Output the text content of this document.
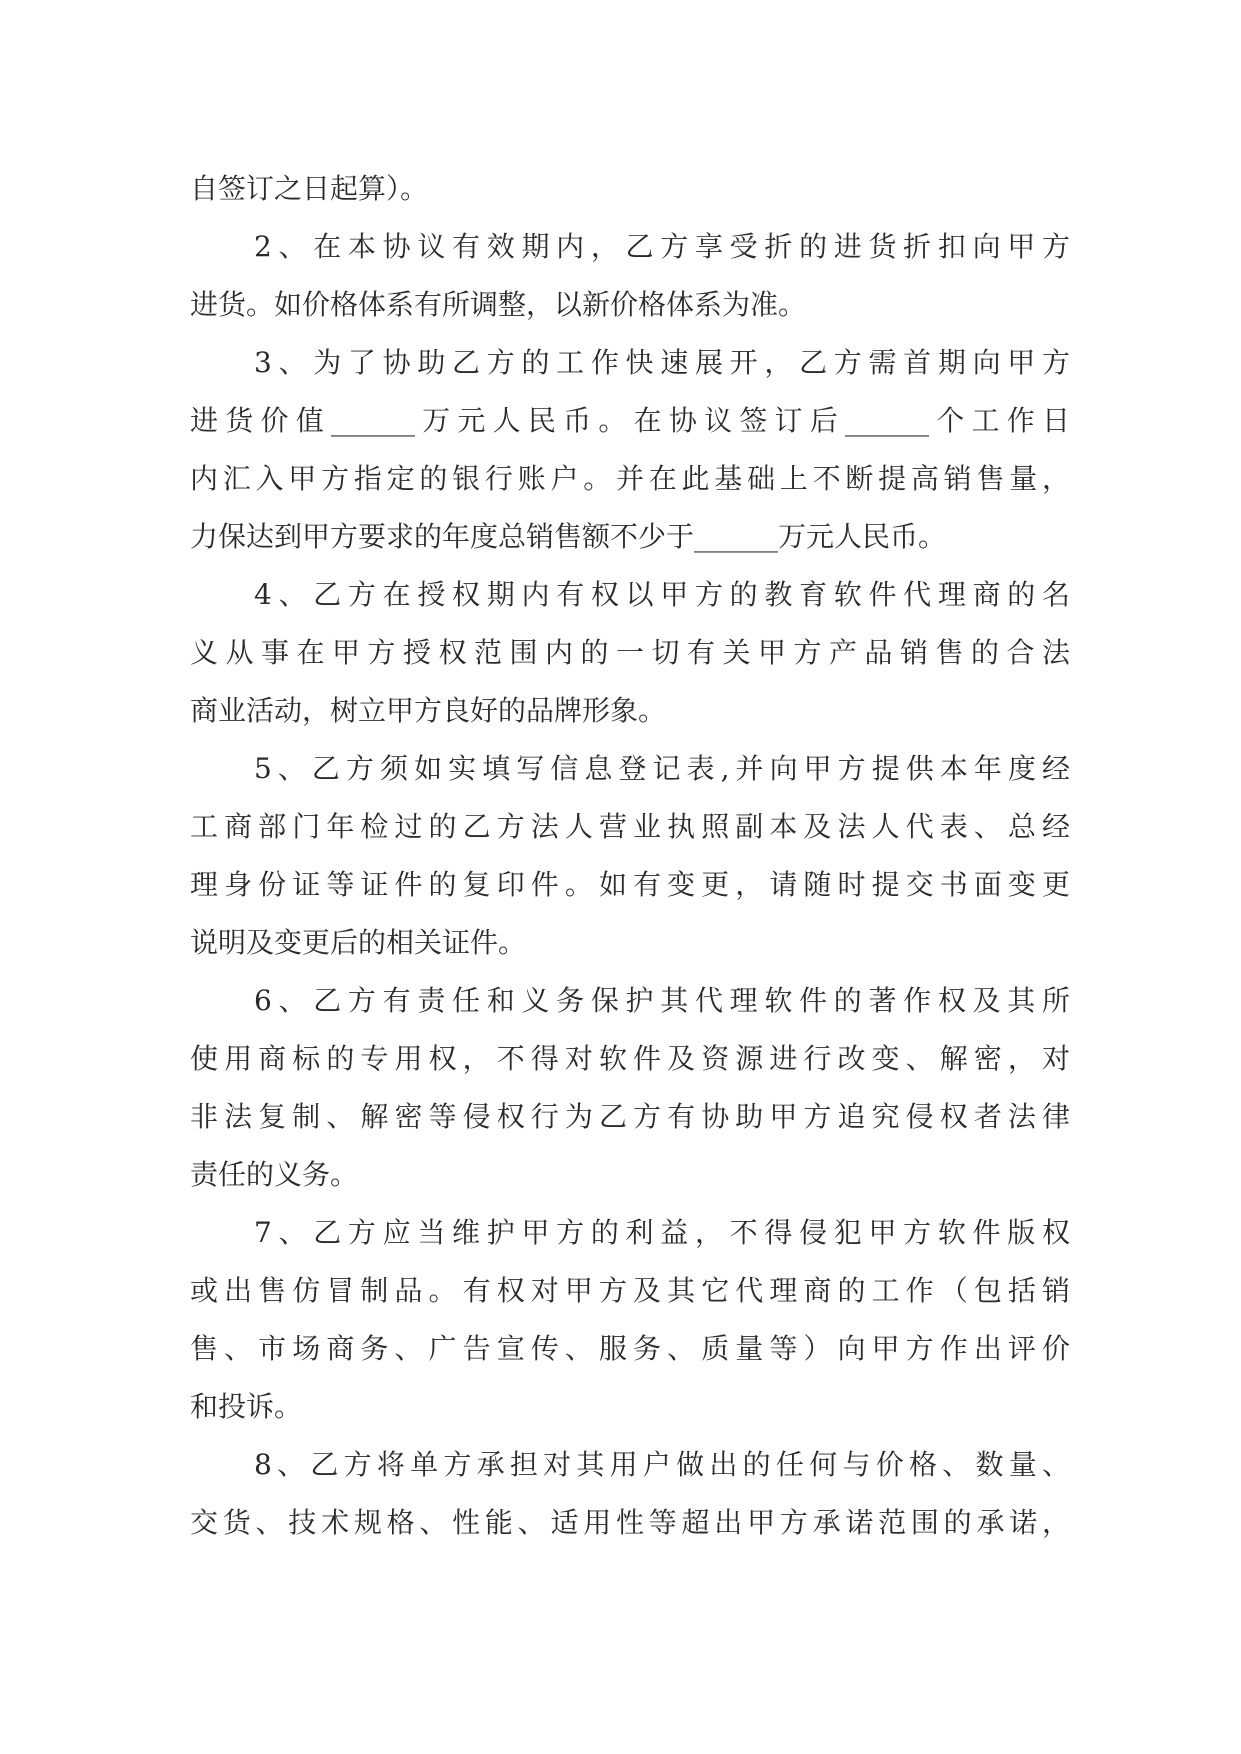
自签订之日起算）。
2、在本协议有效期内，乙方享受折的进货折扣向甲方
进货。如价格体系有所调整，以新价格体系为准。
3、为了协助乙方的工作快速展开，乙方需首期向甲方
进货价值______万元人民币。在协议签订后______个工作日
内汇入甲方指定的银行账户。并在此基础上不断提高销售量，
力保达到甲方要求的年度总销售额不少于______万元人民币。
4、乙方在授权期内有权以甲方的教育软件代理商的名
义从事在甲方授权范围内的一切有关甲方产品销售的合法
商业活动，树立甲方良好的品牌形象。
5、乙方须如实填写信息登记表,并向甲方提供本年度经
工商部门年检过的乙方法人营业执照副本及法人代表、总经
理身份证等证件的复印件。如有变更，请随时提交书面变更
说明及变更后的相关证件。
6、乙方有责任和义务保护其代理软件的著作权及其所
使用商标的专用权，不得对软件及资源进行改变、解密，对
非法复制、解密等侵权行为乙方有协助甲方追究侵权者法律
责任的义务。
7、乙方应当维护甲方的利益，不得侵犯甲方软件版权
或出售仿冒制品。有权对甲方及其它代理商的工作（包括销
售、市场商务、广告宣传、服务、质量等）向甲方作出评价
和投诉。
8、乙方将单方承担对其用户做出的任何与价格、数量、
交货、技术规格、性能、适用性等超出甲方承诺范围的承诺，
